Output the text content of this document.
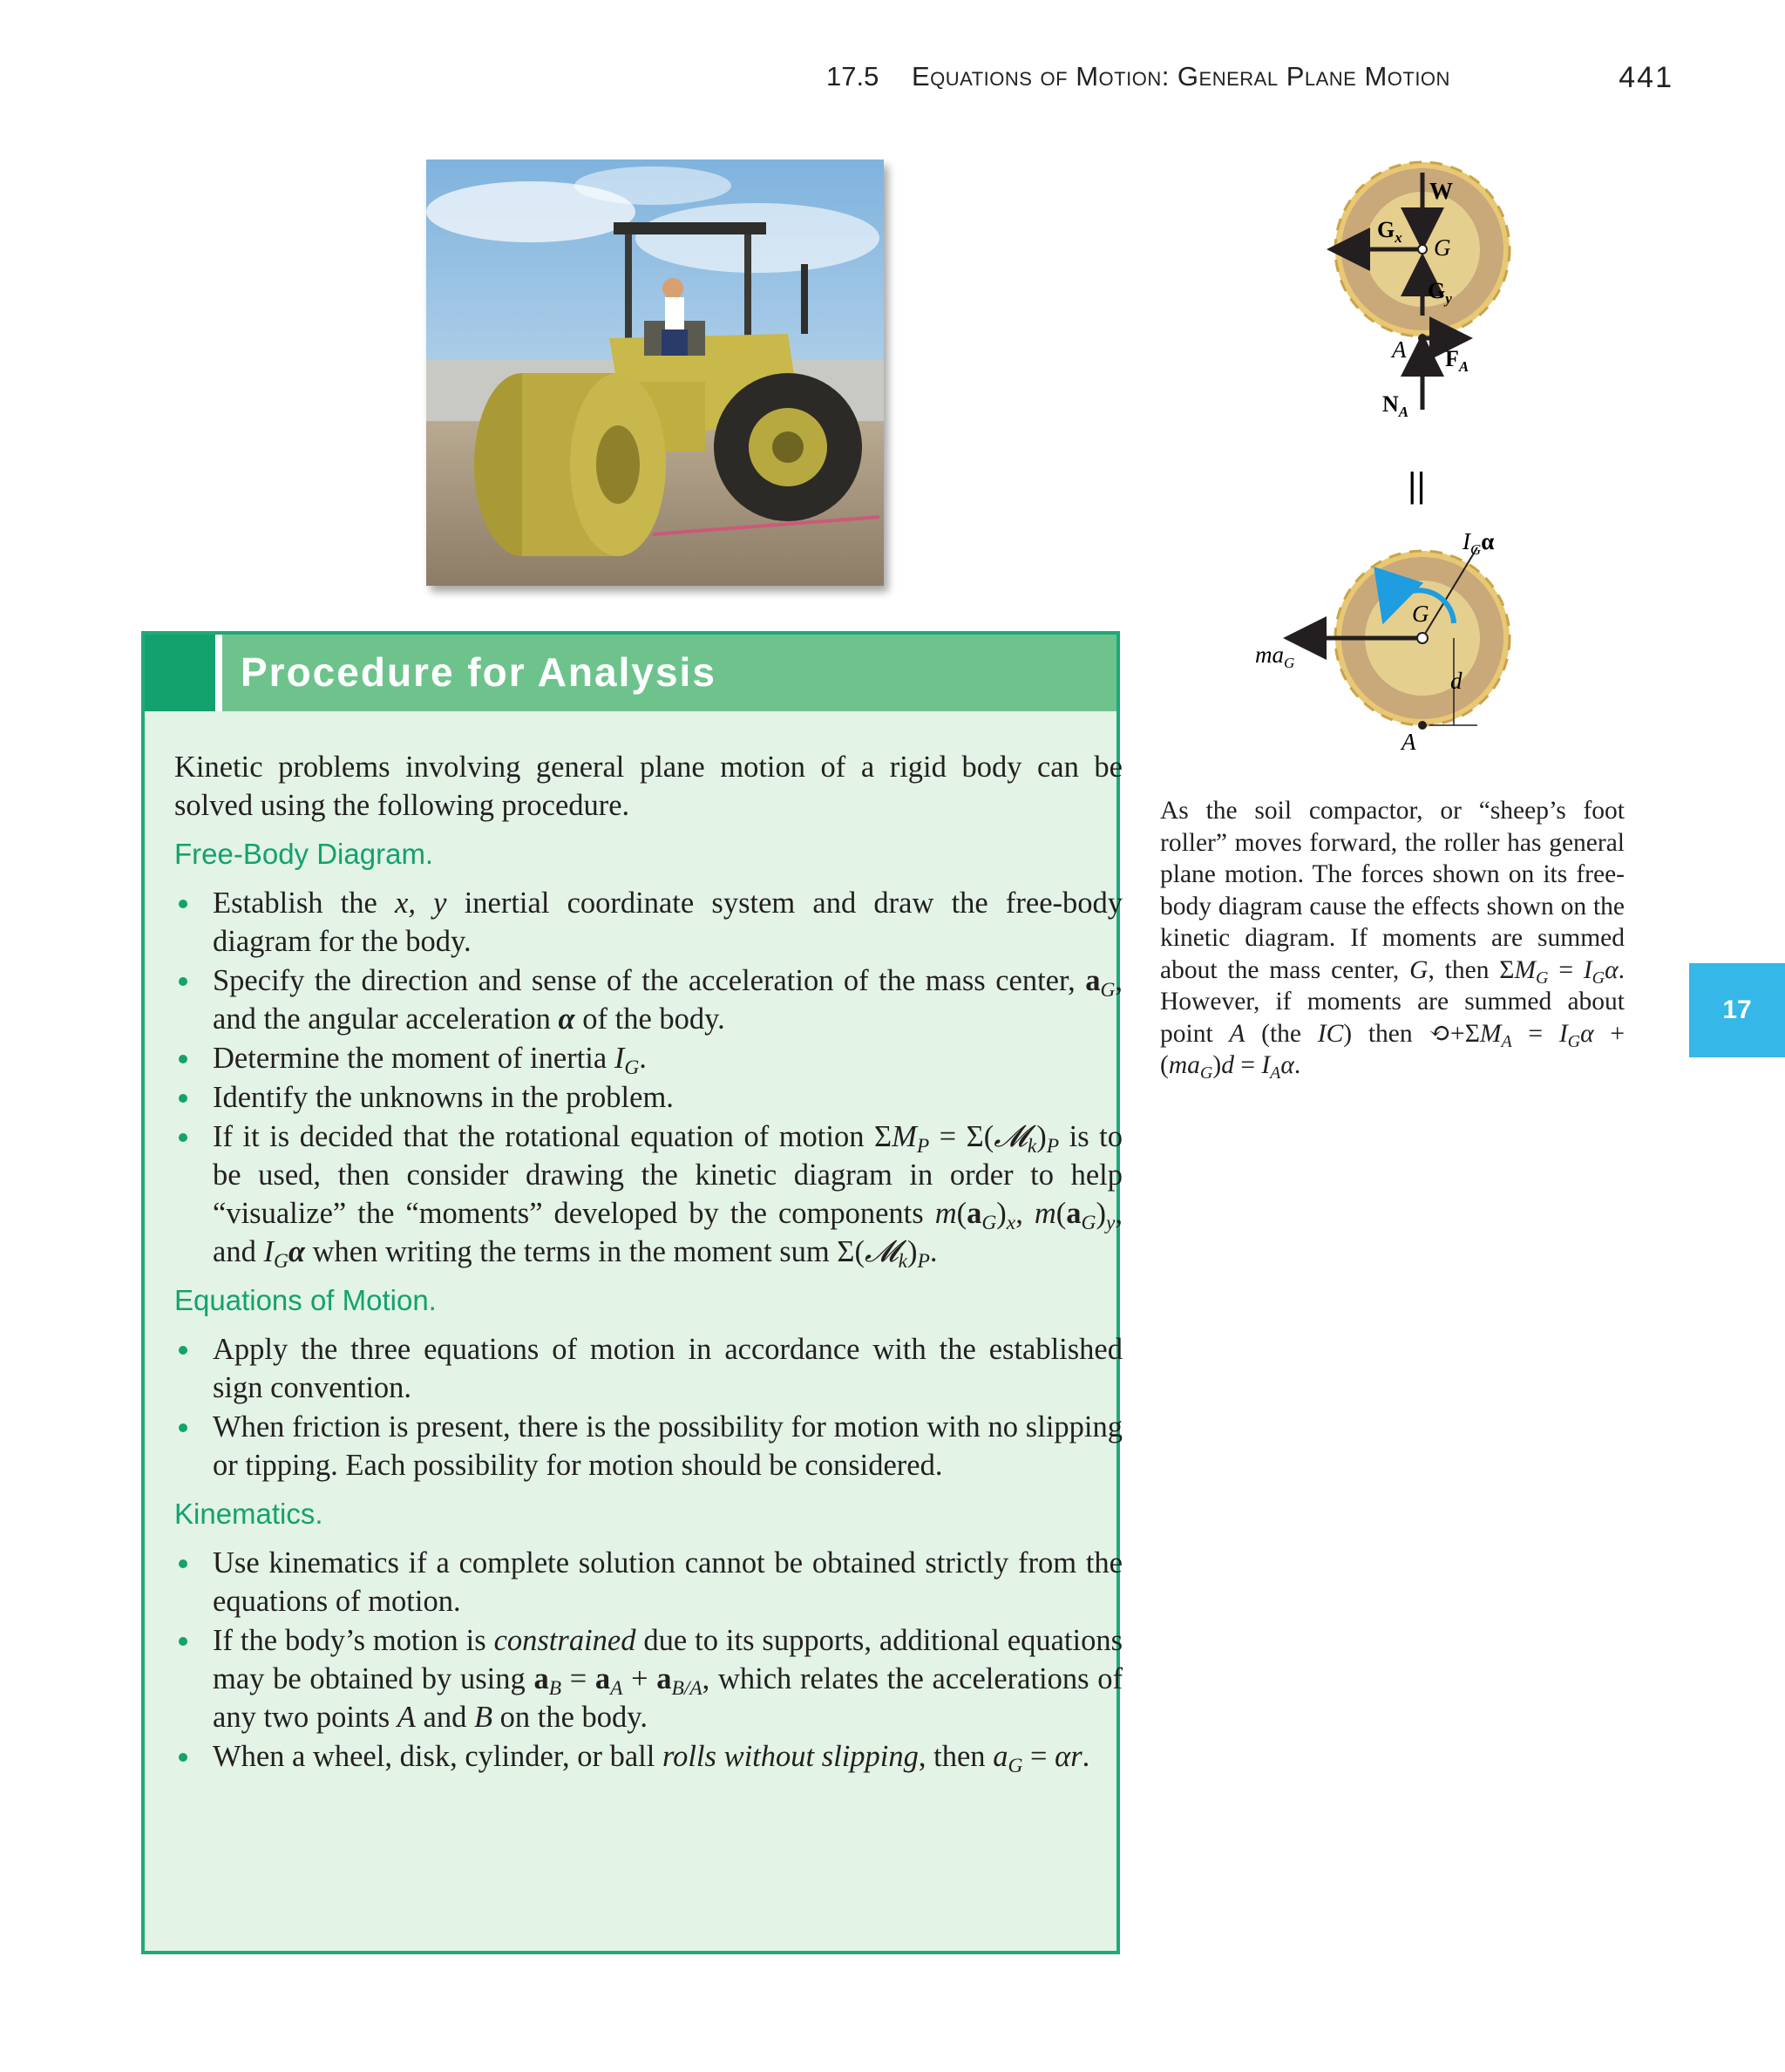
17.5 Equations of Motion: General Plane Motion	441
W
$G_x$ G
$G_y$
A $F_A$
$N_A$
||
$I_G\alpha$
$ma_G$
G
d
A

As the soil compactor, or “sheep’s foot roller” moves forward, the roller has general plane motion. The forces shown on its free-body diagram cause the effects shown on the kinetic diagram. If moments are summed about the mass center, G, then $\Sigma M_G = I_G\alpha$. However, if moments are summed about point A (the IC) then $⟲+\Sigma M_A = I_G\alpha + (ma_G)d = I_A\alpha$.

17
Procedure for Analysis

Kinetic problems involving general plane motion of a rigid body can be solved using the following procedure.

Free-Body Diagram.
Establish the x, y inertial coordinate system and draw the free-body diagram for the body.
Specify the direction and sense of the acceleration of the mass center, $a_G$, and the angular acceleration α of the body.
Determine the moment of inertia $I_G$.
Identify the unknowns in the problem.
If it is decided that the rotational equation of motion $\Sigma M_P$ = $\Sigma(𝓜_k)_P$ is to be used, then consider drawing the kinetic diagram in order to help “visualize” the “moments” developed by the components $m(a_G)_x$, $m(a_G)_y$, and $I_G\alpha$ when writing the terms in the moment sum $\Sigma(𝓜_k)_P$.
Equations of Motion.
Apply the three equations of motion in accordance with the established sign convention.
When friction is present, there is the possibility for motion with no slipping or tipping. Each possibility for motion should be considered.
Kinematics.
Use kinematics if a complete solution cannot be obtained strictly from the equations of motion.
If the body’s motion is constrained due to its supports, additional equations may be obtained by using $a_B = a_A + a_{B/A}$, which relates the accelerations of any two points A and B on the body.
When a wheel, disk, cylinder, or ball rolls without slipping, then $a_G = \alpha r$.
